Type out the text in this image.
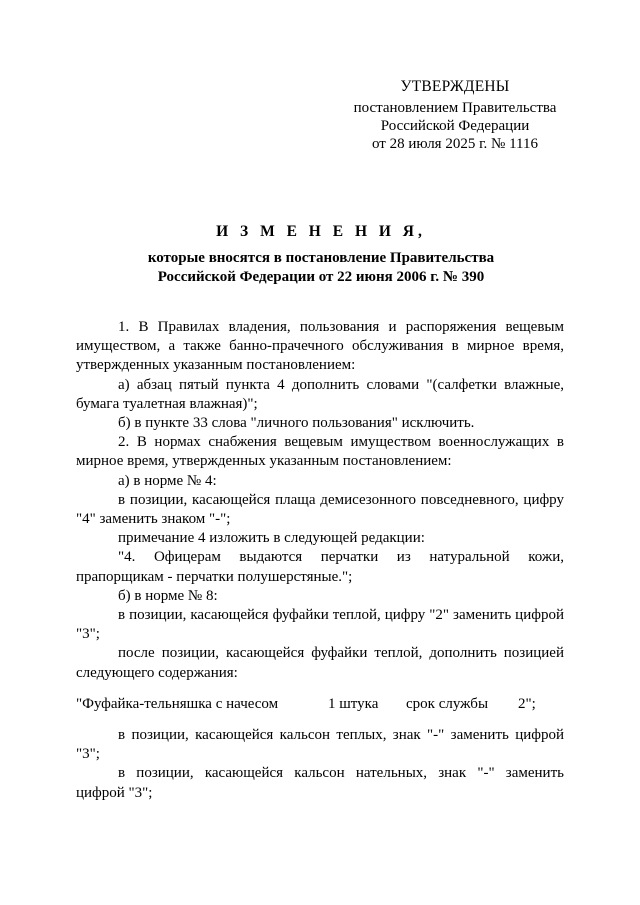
УТВЕРЖДЕНЫ
постановлением Правительства
Российской Федерации
от 28 июля 2025 г. № 1116
И З М Е Н Е Н И Я,
которые вносятся в постановление Правительства
Российской Федерации от 22 июня 2006 г. № 390

1. В Правилах владения, пользования и распоряжения вещевым имуществом, а также банно-прачечного обслуживания в мирное время, утвержденных указанным постановлением:

а) абзац пятый пункта 4 дополнить словами "(салфетки влажные, бумага туалетная влажная)";

б) в пункте 33 слова "личного пользования" исключить.

2. В нормах снабжения вещевым имуществом военнослужащих в мирное время, утвержденных указанным постановлением:

а) в норме № 4:

в позиции, касающейся плаща демисезонного повседневного, цифру "4" заменить знаком "-";

примечание 4 изложить в следующей редакции:

"4. Офицерам выдаются перчатки из натуральной кожи, прапорщикам - перчатки полушерстяные.";

б) в норме № 8:

в позиции, касающейся фуфайки теплой, цифру "2" заменить цифрой "3";

после позиции, касающейся фуфайки теплой, дополнить позицией следующего содержания:

"Фуфайка-тельняшка с начесом	1 штука	срок службы	2";

в позиции, касающейся кальсон теплых, знак "-" заменить цифрой "3";

в позиции, касающейся кальсон нательных, знак "-" заменить цифрой "3";
